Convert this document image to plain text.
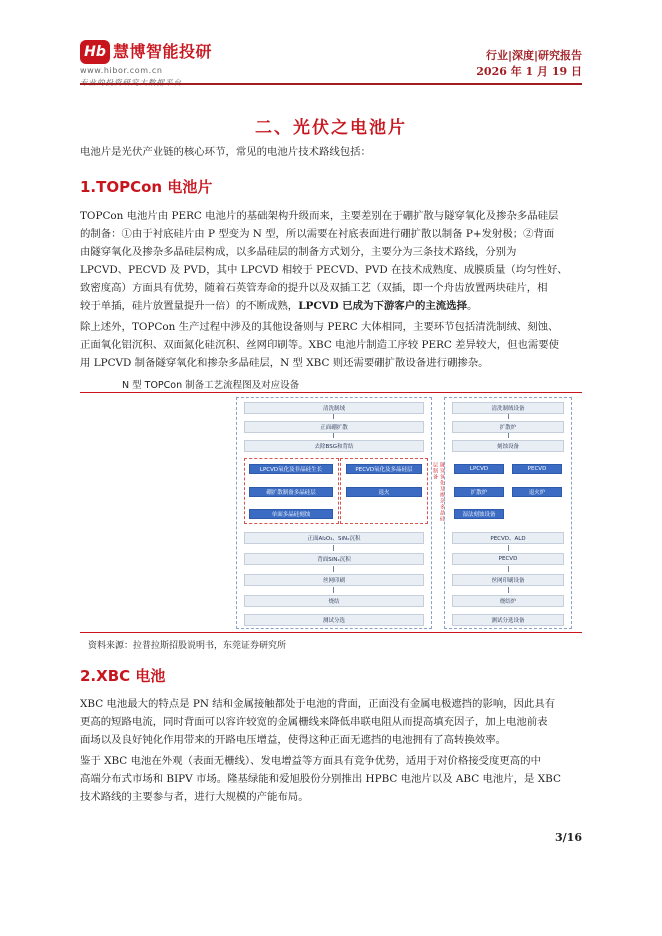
Hb 慧博智能投研
www.hibor.com.cn
行业|深度|研究报告
2026 年 1 月 19 日
二、光伏之电池片
电池片是光伏产业链的核心环节，常见的电池片技术路线包括：
1.TOPCon 电池片
TOPCon 电池片由 PERC 电池片的基础架构升级而来，主要差别在于硼扩散与隧穿氧化及掺杂多晶硅层
的制备：①由于衬底硅片由 P 型变为 N 型，所以需要在衬底表面进行硼扩散以制备 P+发射极；②背面
由隧穿氧化及掺杂多晶硅层构成，以多晶硅层的制备方式划分，主要分为三条技术路线，分别为
LPCVD、PECVD 及 PVD，其中 LPCVD 相较于 PECVD、PVD 在技术成熟度、成膜质量（均匀性好、
致密度高）方面具有优势，随着石英管寿命的提升以及双插工艺（双插，即一个舟齿放置两块硅片，相
较于单插，硅片放置量提升一倍）的不断成熟，LPCVD 已成为下游客户的主流选择。
除上述外，TOPCon 生产过程中涉及的其他设备则与 PERC 大体相同，主要环节包括清洗制绒、刻蚀、
正面氧化铝沉积、双面氮化硅沉积、丝网印刷等。XBC 电池片制造工序较 PERC 差异较大，但也需要使
用 LPCVD 制备隧穿氧化和掺杂多晶硅层，N 型 XBC 则还需要硼扩散设备进行硼掺杂。
N 型 TOPCon 制备工艺流程图及对应设备
清洗制绒
正面硼扩散
去除BSG和背结
LPCVD氧化及非晶硅生长
硼扩散制备多晶硅层
单面多晶硅刻蚀
PECVD氧化及多晶硅层
退火	隧穿氧化及掺杂多晶硅层制备
正面Al₂O₃、SiNₓ沉积
背面SiNₓ沉积
丝网印刷
烧结
测试分选
清洗制绒设备
扩散炉
刻蚀设备
LPCVD	PECVD
扩散炉	退火炉
湿法刻蚀设备
PECVD、ALD
PECVD
丝网印刷设备
烧结炉
测试分选设备
资料来源：拉普拉斯招股说明书，东莞证券研究所
2.XBC 电池
XBC 电池最大的特点是 PN 结和金属接触都处于电池的背面，正面没有金属电极遮挡的影响，因此具有
更高的短路电流，同时背面可以容许较宽的金属栅线来降低串联电阻从而提高填充因子，加上电池前表
面场以及良好钝化作用带来的开路电压增益，使得这种正面无遮挡的电池拥有了高转换效率。
鉴于 XBC 电池在外观（表面无栅线）、发电增益等方面具有竞争优势，适用于对价格接受度更高的中
高端分布式市场和 BIPV 市场。隆基绿能和爱旭股份分别推出 HPBC 电池片以及 ABC 电池片，是 XBC
技术路线的主要参与者，进行大规模的产能布局。
3/16
